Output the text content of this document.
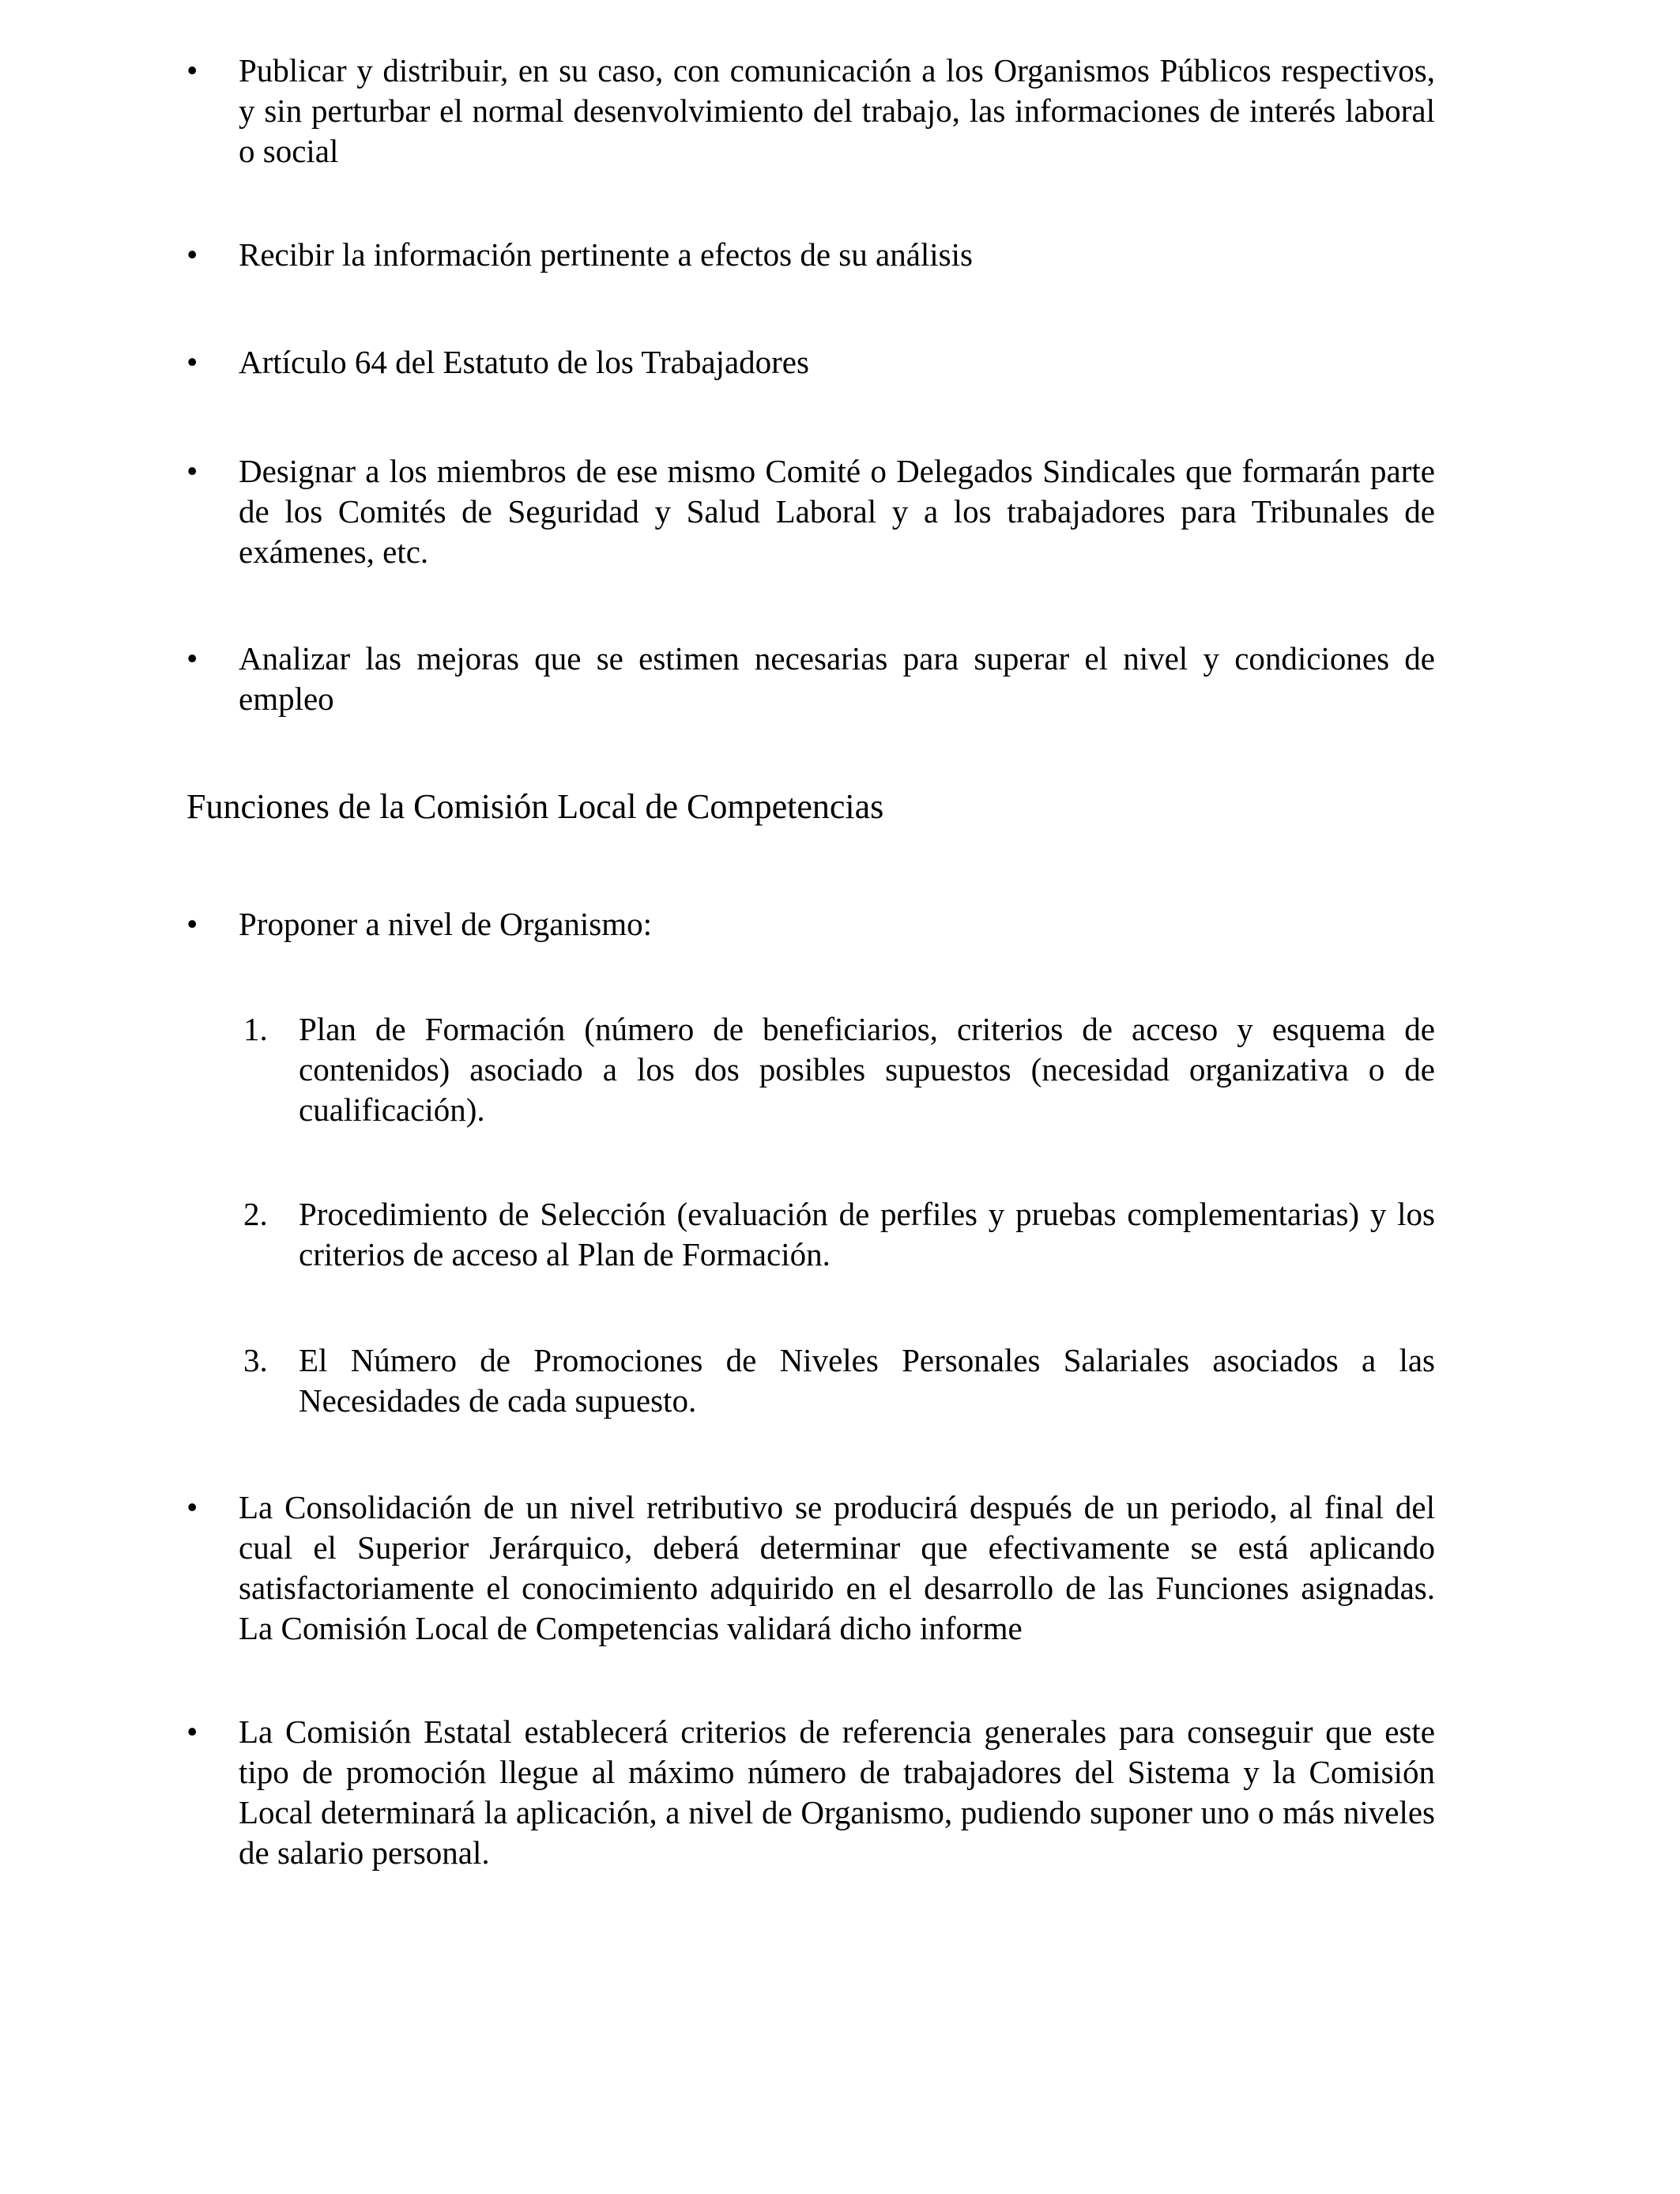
• Publicar y distribuir, en su caso, con comunicación a los Organismos Públicos respectivos, y sin perturbar el normal desenvolvimiento del trabajo, las informaciones de interés laboral o social
• Recibir la información pertinente a efectos de su análisis
• Artículo 64 del Estatuto de los Trabajadores
• Designar a los miembros de ese mismo Comité o Delegados Sindicales que formarán parte de los Comités de Seguridad y Salud Laboral y a los trabajadores para Tribunales de exámenes, etc.
• Analizar las mejoras que se estimen necesarias para superar el nivel y condiciones de empleo
Funciones de la Comisión Local de Competencias
• Proponer a nivel de Organismo:
1. Plan de Formación (número de beneficiarios, criterios de acceso y esquema de contenidos) asociado a los dos posibles supuestos (necesidad organizativa o de cualificación).
2. Procedimiento de Selección (evaluación de perfiles y pruebas complementarias) y los criterios de acceso al Plan de Formación.
3. El Número de Promociones de Niveles Personales Salariales asociados a las Necesidades de cada supuesto.
• La Consolidación de un nivel retributivo se producirá después de un periodo, al final del cual el Superior Jerárquico, deberá determinar que efectivamente se está aplicando satisfactoriamente el conocimiento adquirido en el desarrollo de las Funciones asignadas. La Comisión Local de Competencias validará dicho informe
• La Comisión Estatal establecerá criterios de referencia generales para conseguir que este tipo de promoción llegue al máximo número de trabajadores del Sistema y la Comisión Local determinará la aplicación, a nivel de Organismo, pudiendo suponer uno o más niveles de salario personal.
